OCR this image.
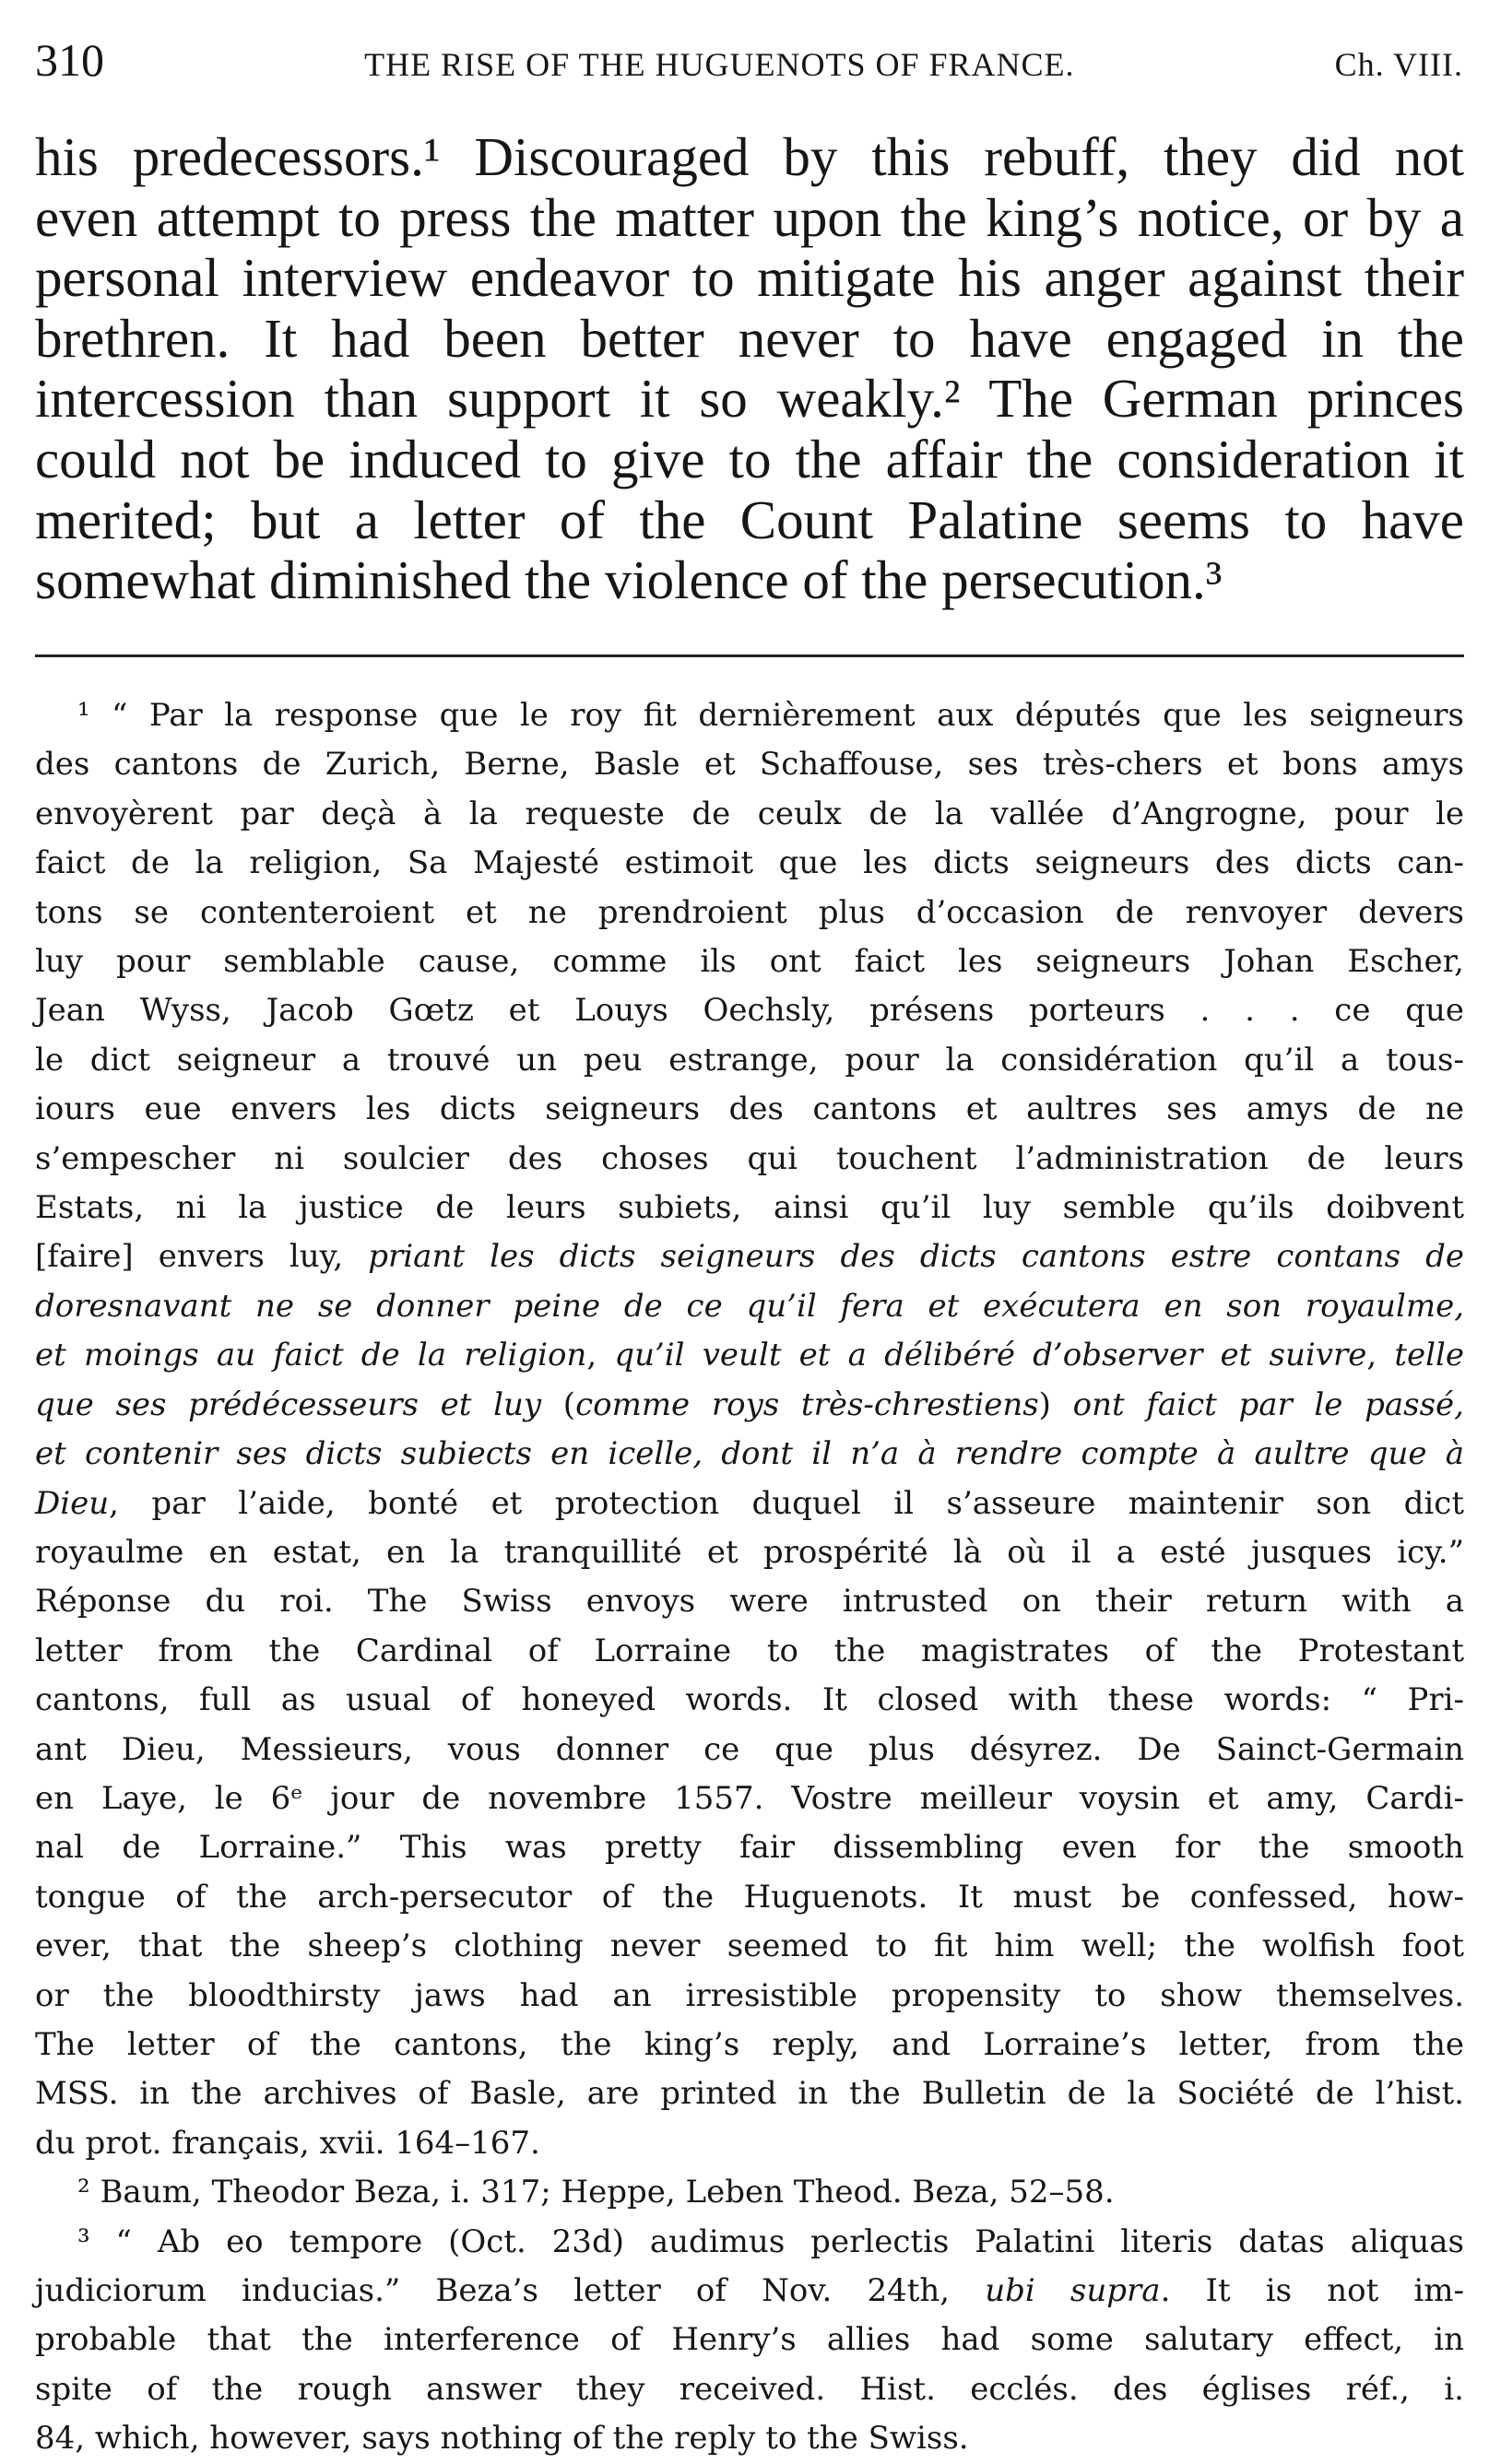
310	THE RISE OF THE HUGUENOTS OF FRANCE.	Ch. VIII.
his predecessors.¹ Discouraged by this rebuff, they did not
even attempt to press the matter upon the king’s notice, or by a
personal interview endeavor to mitigate his anger against their
brethren. It had been better never to have engaged in the
intercession than support it so weakly.² The German princes
could not be induced to give to the affair the consideration it
merited; but a letter of the Count Palatine seems to have
somewhat diminished the violence of the persecution.³
¹ “ Par la response que le roy fit dernièrement aux députés que les seigneurs
des cantons de Zurich, Berne, Basle et Schaffouse, ses très-chers et bons amys
envoyèrent par deçà à la requeste de ceulx de la vallée d’Angrogne, pour le
faict de la religion, Sa Majesté estimoit que les dicts seigneurs des dicts can-
tons se contenteroient et ne prendroient plus d’occasion de renvoyer devers
luy pour semblable cause, comme ils ont faict les seigneurs Johan Escher,
Jean Wyss, Jacob Gœtz et Louys Oechsly, présens porteurs . . . ce que
le dict seigneur a trouvé un peu estrange, pour la considération qu’il a tous-
iours eue envers les dicts seigneurs des cantons et aultres ses amys de ne
s’empescher ni soulcier des choses qui touchent l’administration de leurs
Estats, ni la justice de leurs subiets, ainsi qu’il luy semble qu’ils doibvent
[faire] envers luy, priant les dicts seigneurs des dicts cantons estre contans de
doresnavant ne se donner peine de ce qu’il fera et exécutera en son royaulme,
et moings au faict de la religion, qu’il veult et a délibéré d’observer et suivre, telle
que ses prédécesseurs et luy (comme roys très-chrestiens) ont faict par le passé,
et contenir ses dicts subiects en icelle, dont il n’a à rendre compte à aultre que à
Dieu, par l’aide, bonté et protection duquel il s’asseure maintenir son dict
royaulme en estat, en la tranquillité et prospérité là où il a esté jusques icy.”
Réponse du roi. The Swiss envoys were intrusted on their return with a
letter from the Cardinal of Lorraine to the magistrates of the Protestant
cantons, full as usual of honeyed words. It closed with these words: “ Pri-
ant Dieu, Messieurs, vous donner ce que plus désyrez. De Sainct-Germain
en Laye, le 6ᵉ jour de novembre 1557. Vostre meilleur voysin et amy, Cardi-
nal de Lorraine.” This was pretty fair dissembling even for the smooth
tongue of the arch-persecutor of the Huguenots. It must be confessed, how-
ever, that the sheep’s clothing never seemed to fit him well; the wolfish foot
or the bloodthirsty jaws had an irresistible propensity to show themselves.
The letter of the cantons, the king’s reply, and Lorraine’s letter, from the
MSS. in the archives of Basle, are printed in the Bulletin de la Société de l’hist.
du prot. français, xvii. 164–167.
² Baum, Theodor Beza, i. 317; Heppe, Leben Theod. Beza, 52–58.
³ “ Ab eo tempore (Oct. 23d) audimus perlectis Palatini literis datas aliquas
judiciorum inducias.” Beza’s letter of Nov. 24th, ubi supra. It is not im-
probable that the interference of Henry’s allies had some salutary effect, in
spite of the rough answer they received. Hist. ecclés. des églises réf., i.
84, which, however, says nothing of the reply to the Swiss.
